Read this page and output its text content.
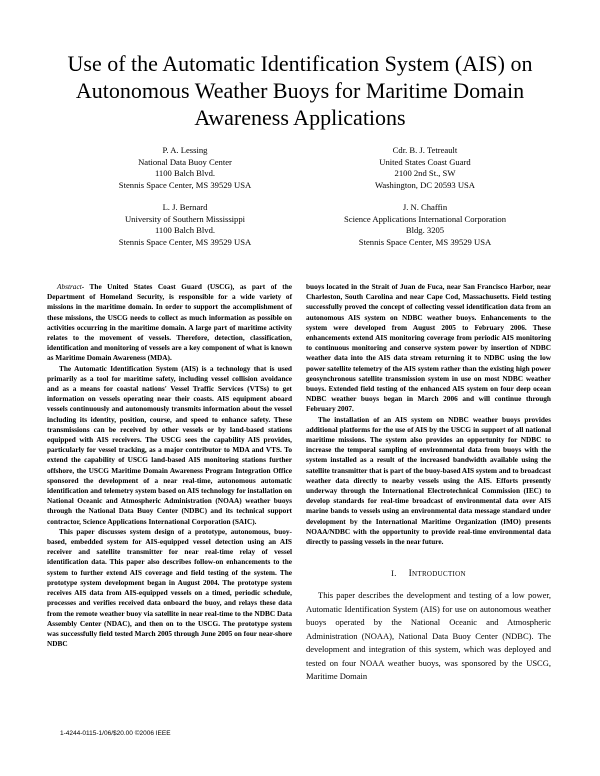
Use of the Automatic Identification System (AIS) on
Autonomous Weather Buoys for Maritime Domain
Awareness Applications
P. A. Lessing
National Data Buoy Center
1100 Balch Blvd.
Stennis Space Center, MS 39529 USA
Cdr. B. J. Tetreault
United States Coast Guard
2100 2nd St., SW
Washington, DC 20593 USA
L. J. Bernard
University of Southern Mississippi
1100 Balch Blvd.
Stennis Space Center, MS 39529 USA
J. N. Chaffin
Science Applications International Corporation
Bldg. 3205
Stennis Space Center, MS 39529 USA

Abstract- The United States Coast Guard (USCG), as part of the Department of Homeland Security, is responsible for a wide variety of missions in the maritime domain. In order to support the accomplishment of these missions, the USCG needs to collect as much information as possible on activities occurring in the maritime domain. A large part of maritime activity relates to the movement of vessels. Therefore, detection, classification, identification and monitoring of vessels are a key component of what is known as Maritime Domain Awareness (MDA).

The Automatic Identification System (AIS) is a technology that is used primarily as a tool for maritime safety, including vessel collision avoidance and as a means for coastal nations' Vessel Traffic Services (VTSs) to get information on vessels operating near their coasts. AIS equipment aboard vessels continuously and autonomously transmits information about the vessel including its identity, position, course, and speed to enhance safety. These transmissions can be received by other vessels or by land-based stations equipped with AIS receivers. The USCG sees the capability AIS provides, particularly for vessel tracking, as a major contributor to MDA and VTS. To extend the capability of USCG land-based AIS monitoring stations further offshore, the USCG Maritime Domain Awareness Program Integration Office sponsored the development of a near real-time, autonomous automatic identification and telemetry system based on AIS technology for installation on National Oceanic and Atmospheric Administration (NOAA) weather buoys through the National Data Buoy Center (NDBC) and its technical support contractor, Science Applications International Corporation (SAIC).

This paper discusses system design of a prototype, autonomous, buoy-based, embedded system for AIS-equipped vessel detection using an AIS receiver and satellite transmitter for near real-time relay of vessel identification data. This paper also describes follow-on enhancements to the system to further extend AIS coverage and field testing of the system. The prototype system development began in August 2004. The prototype system receives AIS data from AIS-equipped vessels on a timed, periodic schedule, processes and verifies received data onboard the buoy, and relays these data from the remote weather buoy via satellite in near real-time to the NDBC Data Assembly Center (NDAC), and then on to the USCG. The prototype system was successfully field tested March 2005 through June 2005 on four near-shore NDBC

buoys located in the Strait of Juan de Fuca, near San Francisco Harbor, near Charleston, South Carolina and near Cape Cod, Massachusetts. Field testing successfully proved the concept of collecting vessel identification data from an autonomous AIS system on NDBC weather buoys. Enhancements to the system were developed from August 2005 to February 2006. These enhancements extend AIS monitoring coverage from periodic AIS monitoring to continuous monitoring and conserve system power by insertion of NDBC weather data into the AIS data stream returning it to NDBC using the low power satellite telemetry of the AIS system rather than the existing high power geosynchronous satellite transmission system in use on most NDBC weather buoys. Extended field testing of the enhanced AIS system on four deep ocean NDBC weather buoys began in March 2006 and will continue through February 2007.

The installation of an AIS system on NDBC weather buoys provides additional platforms for the use of AIS by the USCG in support of all national maritime missions. The system also provides an opportunity for NDBC to increase the temporal sampling of environmental data from buoys with the system installed as a result of the increased bandwidth available using the satellite transmitter that is part of the buoy-based AIS system and to broadcast weather data directly to nearby vessels using the AIS. Efforts presently underway through the International Electrotechnical Commission (IEC) to develop standards for real-time broadcast of environmental data over AIS marine bands to vessels using an environmental data message standard under development by the International Maritime Organization (IMO) presents NOAA/NDBC with the opportunity to provide real-time environmental data directly to passing vessels in the near future.

I. INTRODUCTION

This paper describes the development and testing of a low power, Automatic Identification System (AIS) for use on autonomous weather buoys operated by the National Oceanic and Atmospheric Administration (NOAA), National Data Buoy Center (NDBC). The development and integration of this system, which was deployed and tested on four NOAA weather buoys, was sponsored by the USCG, Maritime Domain

1-4244-0115-1/06/$20.00 ©2006 IEEE
